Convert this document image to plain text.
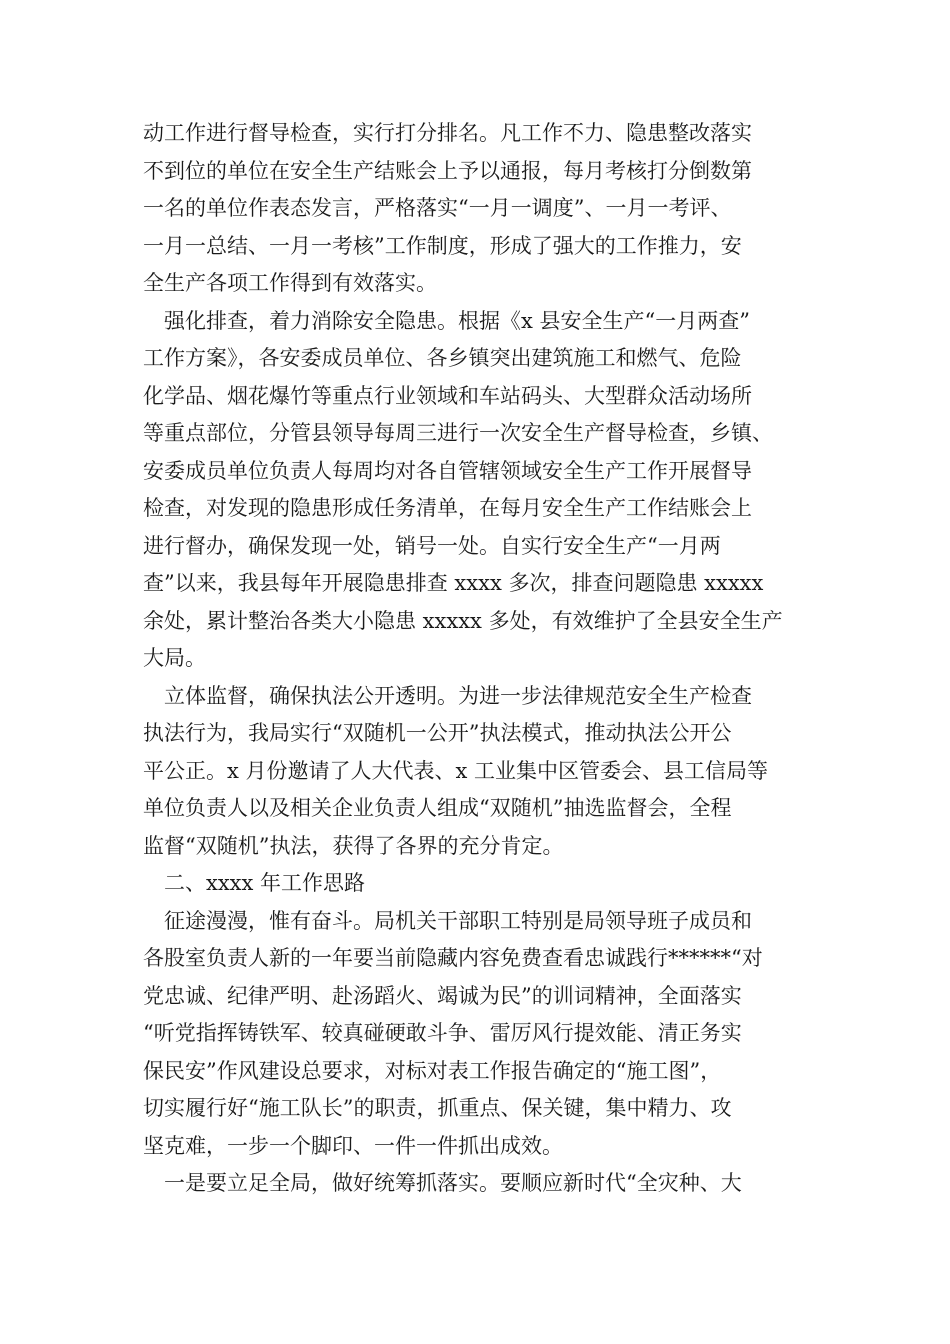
动工作进行督导检查，实行打分排名。凡工作不力、隐患整改落实
不到位的单位在安全生产结账会上予以通报，每月考核打分倒数第
一名的单位作表态发言，严格落实“一月一调度”、一月一考评、
一月一总结、一月一考核”工作制度，形成了强大的工作推力，安
全生产各项工作得到有效落实。
　强化排查，着力消除安全隐患。根据《x 县安全生产“一月两查”
工作方案》，各安委成员单位、各乡镇突出建筑施工和燃气、危险
化学品、烟花爆竹等重点行业领域和车站码头、大型群众活动场所
等重点部位，分管县领导每周三进行一次安全生产督导检查，乡镇、
安委成员单位负责人每周均对各自管辖领域安全生产工作开展督导
检查，对发现的隐患形成任务清单，在每月安全生产工作结账会上
进行督办，确保发现一处，销号一处。自实行安全生产“一月两
查”以来，我县每年开展隐患排查 xxxx 多次，排查问题隐患 xxxxx
余处，累计整治各类大小隐患 xxxxx 多处，有效维护了全县安全生产
大局。
　立体监督，确保执法公开透明。为进一步法律规范安全生产检查
执法行为，我局实行“双随机一公开”执法模式，推动执法公开公
平公正。x 月份邀请了人大代表、x 工业集中区管委会、县工信局等
单位负责人以及相关企业负责人组成“双随机”抽选监督会，全程
监督“双随机”执法，获得了各界的充分肯定。
　二、xxxx 年工作思路
　征途漫漫，惟有奋斗。局机关干部职工特别是局领导班子成员和
各股室负责人新的一年要当前隐藏内容免费查看忠诚践行******“对
党忠诚、纪律严明、赴汤蹈火、竭诚为民”的训词精神，全面落实
“听党指挥铸铁军、较真碰硬敢斗争、雷厉风行提效能、清正务实
保民安”作风建设总要求，对标对表工作报告确定的“施工图”，
切实履行好“施工队长”的职责，抓重点、保关键，集中精力、攻
坚克难，一步一个脚印、一件一件抓出成效。
　一是要立足全局，做好统筹抓落实。要顺应新时代“全灾种、大
